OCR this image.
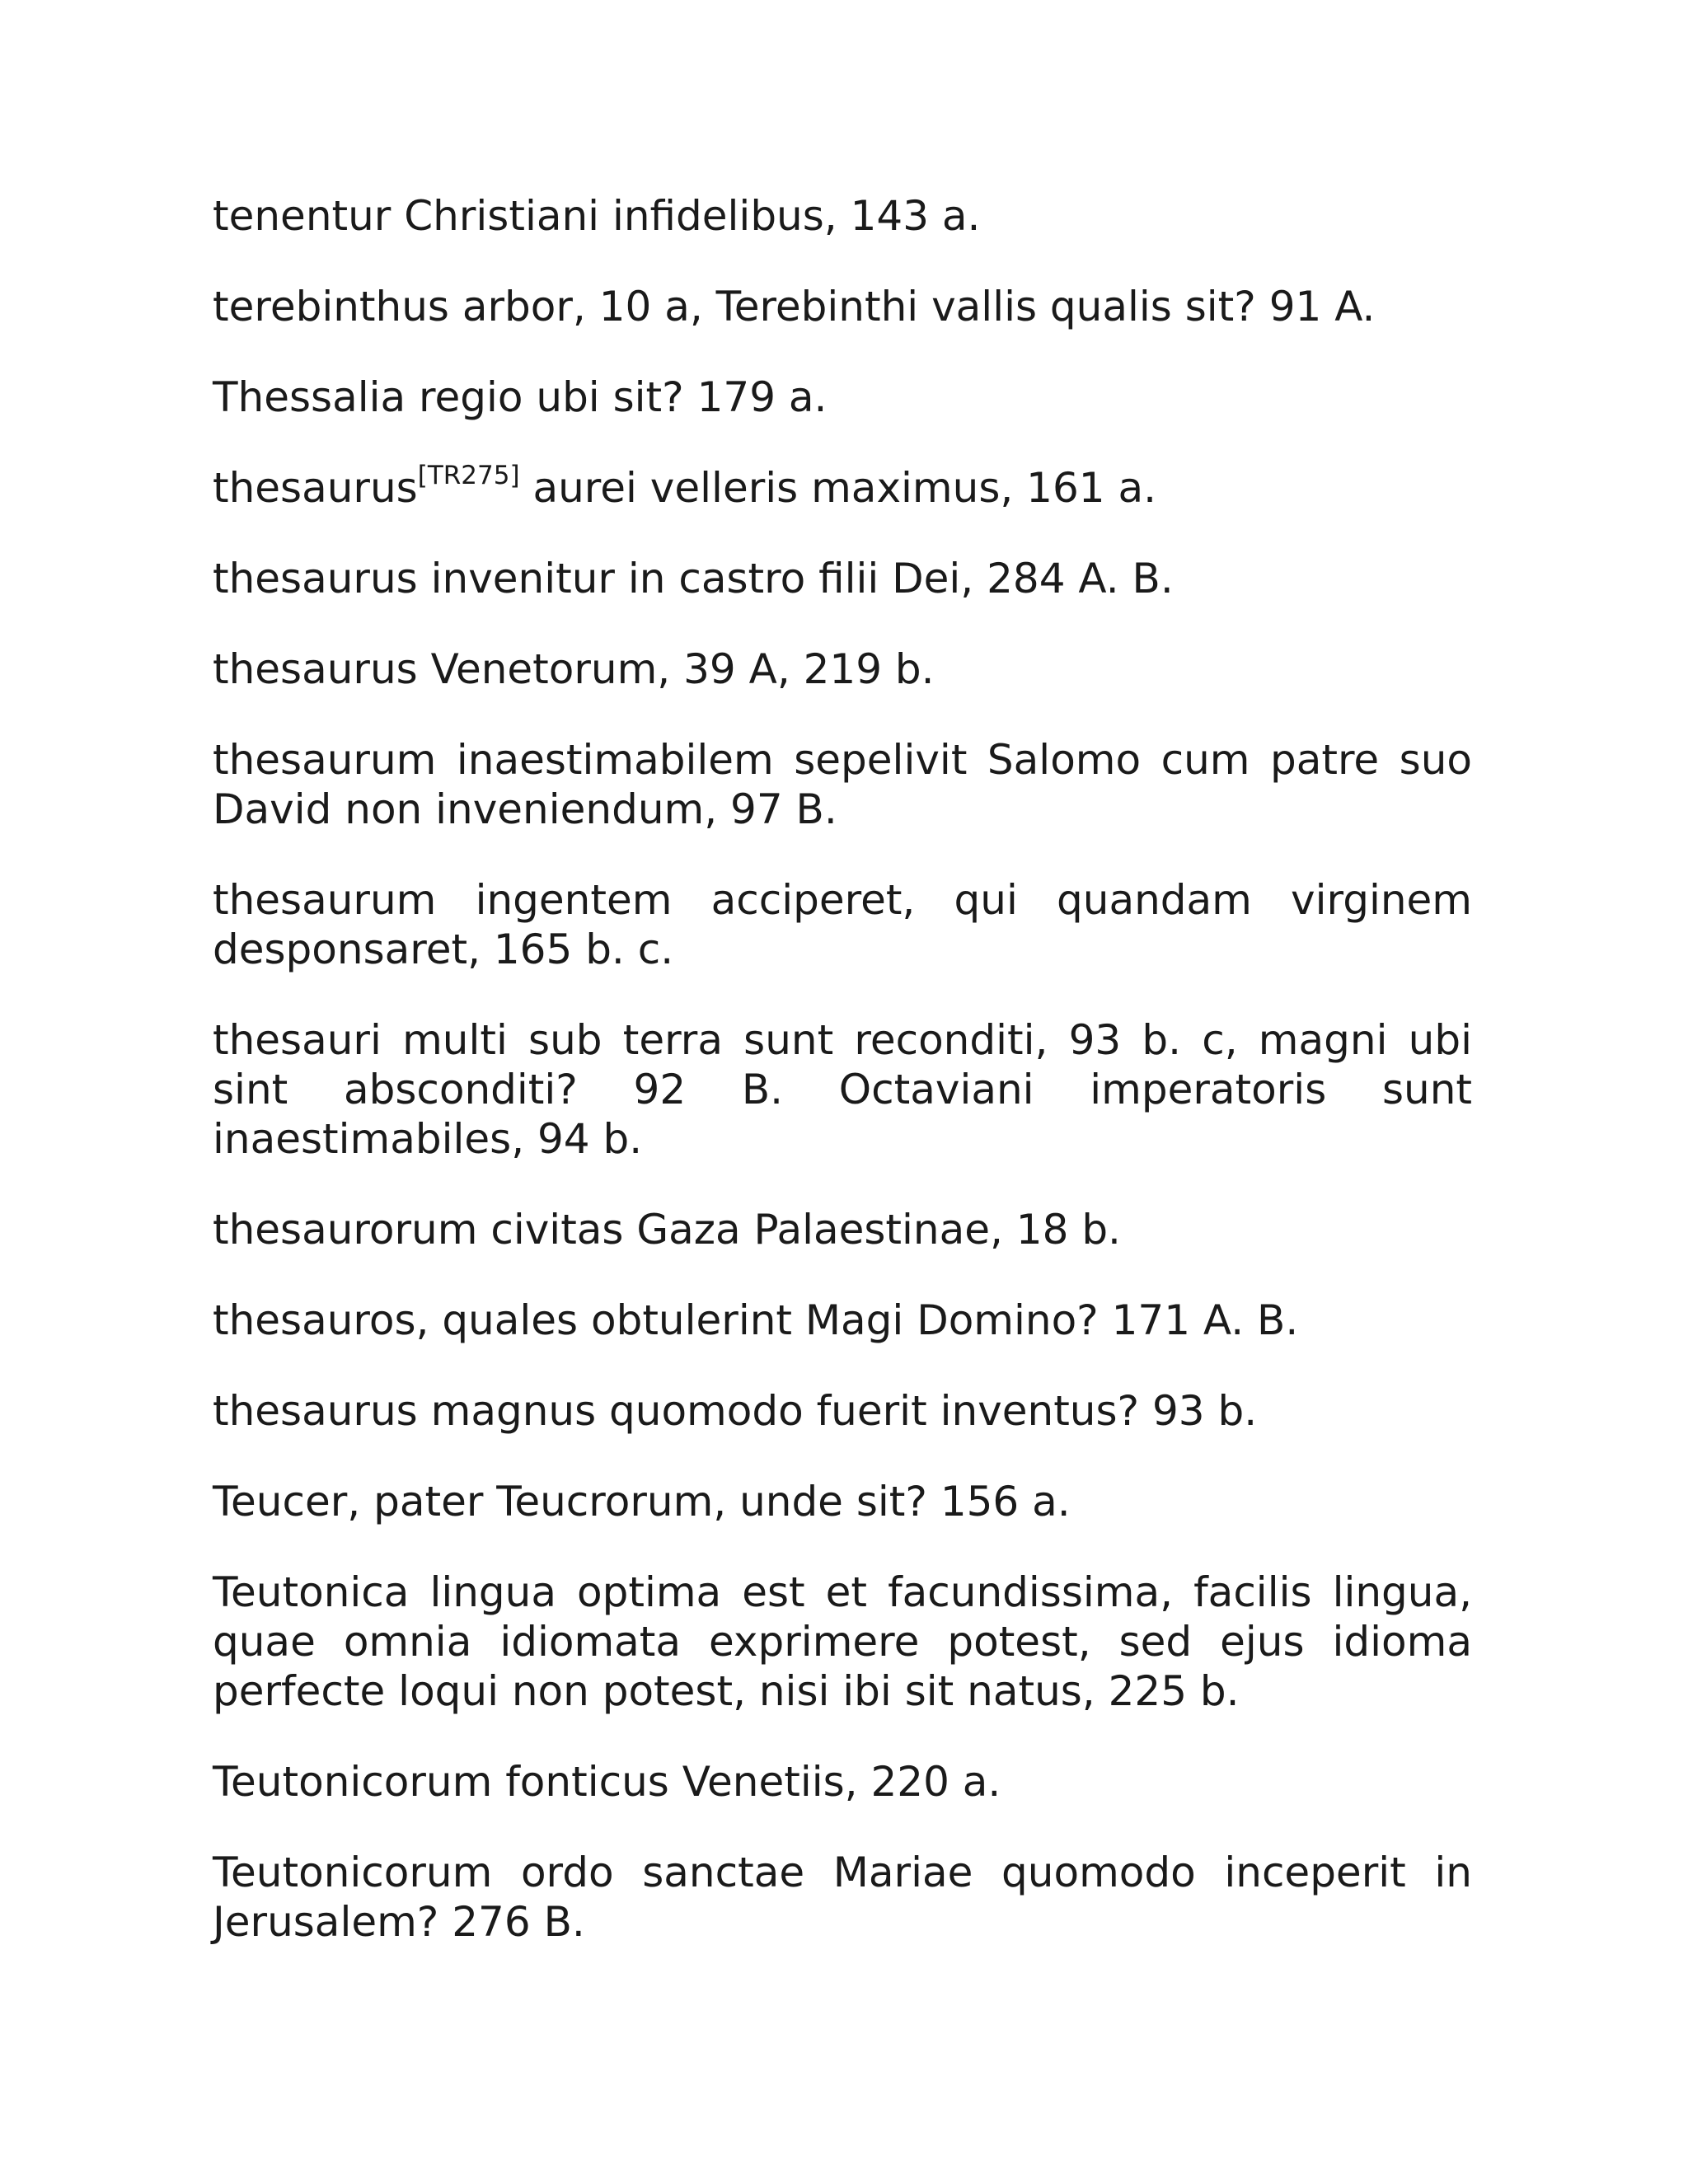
tenentur Christiani infidelibus, 143 a.

terebinthus arbor, 10 a, Terebinthi vallis qualis sit? 91 A.

Thessalia regio ubi sit? 179 a.

thesaurus[TR275] aurei velleris maximus, 161 a.

thesaurus invenitur in castro filii Dei, 284 A. B.

thesaurus Venetorum, 39 A, 219 b.

thesaurum inaestimabilem sepelivit Salomo cum patre suo David non inveniendum, 97 B.

thesaurum ingentem acciperet, qui quandam virginem desponsaret, 165 b. c.

thesauri multi sub terra sunt reconditi, 93 b. c, magni ubi sint absconditi? 92 B. Octaviani imperatoris sunt inaestimabiles, 94 b.

thesaurorum civitas Gaza Palaestinae, 18 b.

thesauros, quales obtulerint Magi Domino? 171 A. B.

thesaurus magnus quomodo fuerit inventus? 93 b.

Teucer, pater Teucrorum, unde sit? 156 a.

Teutonica lingua optima est et facundissima, facilis lingua, quae omnia idiomata exprimere potest, sed ejus idioma perfecte loqui non potest, nisi ibi sit natus, 225 b.

Teutonicorum fonticus Venetiis, 220 a.

Teutonicorum ordo sanctae Mariae quomodo inceperit in Jerusalem? 276 B.
